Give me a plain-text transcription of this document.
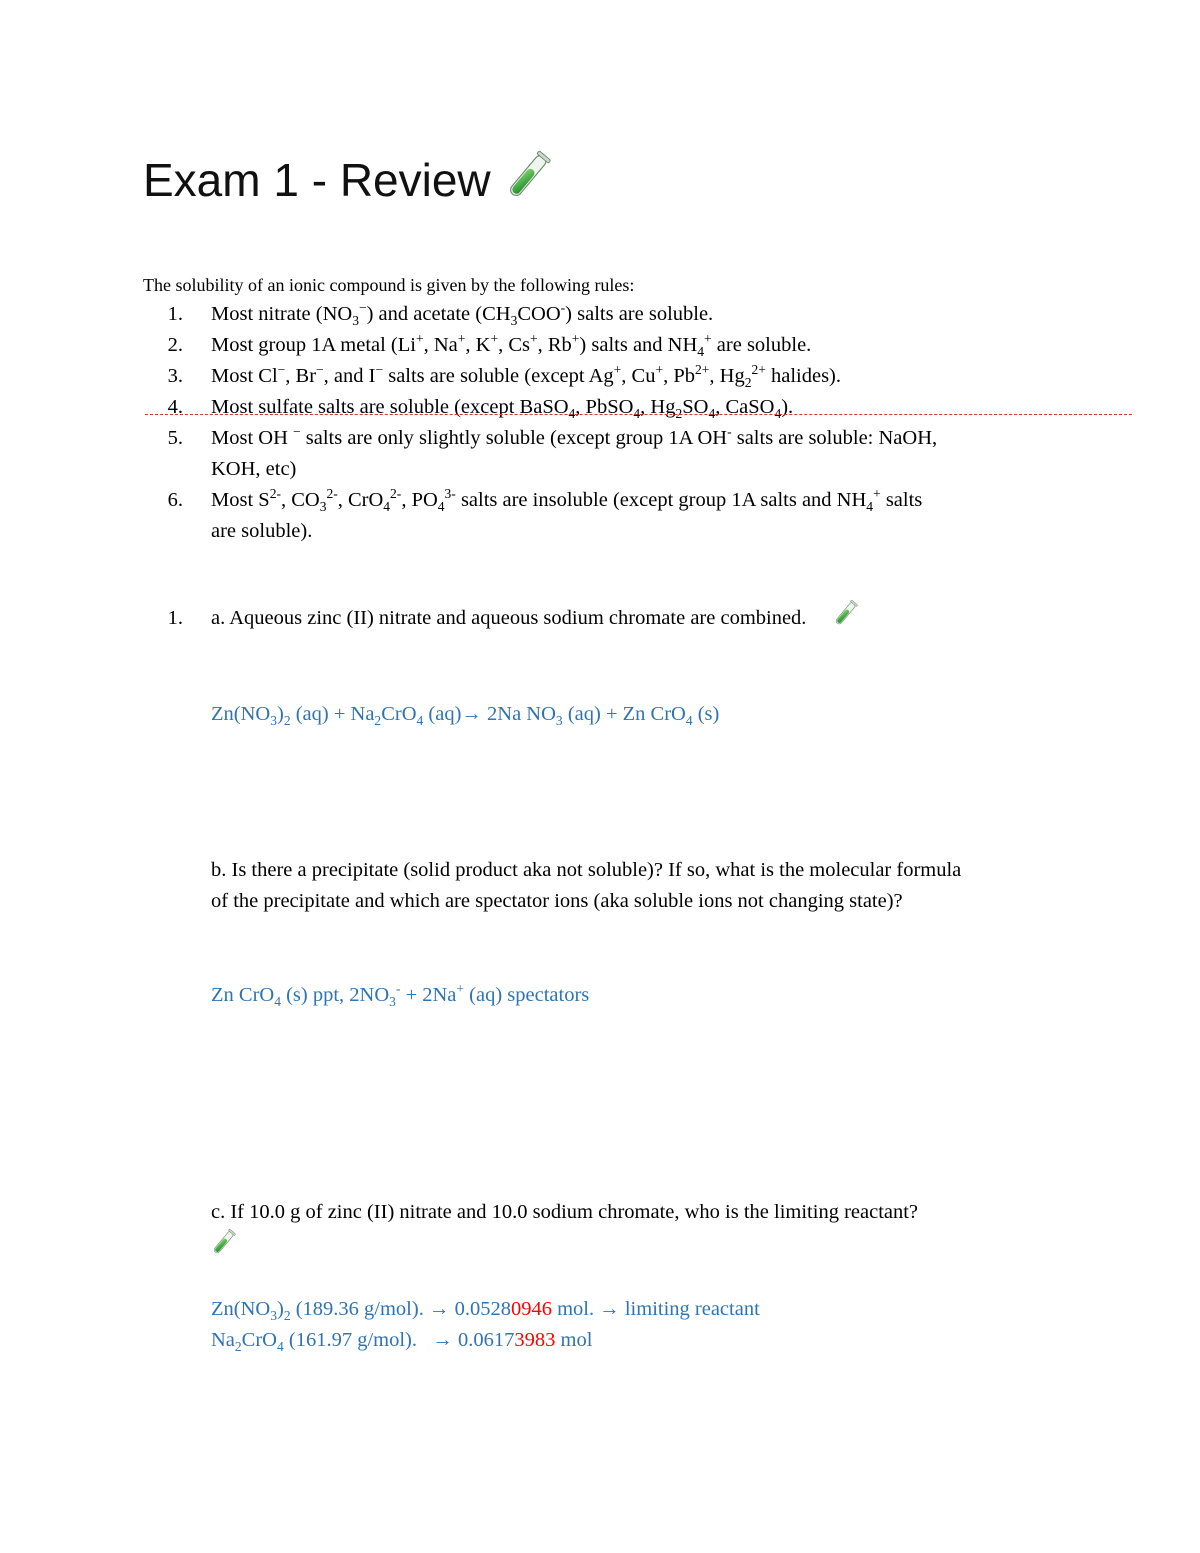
Exam 1 - Review
The solubility of an ionic compound is given by the following rules:
1. Most nitrate $(NO_3^-)$ and acetate $(CH_3COO^-)$ salts are soluble.
2. Most group 1A metal (Li+, Na+, K+, Cs+, Rb+) salts and $NH_4^+$ are soluble.
3. Most Cl−, Br−, and I− salts are soluble (except Ag+, Cu+, $Pb^{2+}$, $Hg_2^{2+}$ halides).
4. Most sulfate salts are soluble (except BaSO$_4$, PbSO$_4$, $Hg_2SO_4$, CaSO$_4$).
5. Most OH − salts are only slightly soluble (except group 1A OH- salts are soluble: NaOH,
KOH, etc)
6. Most $S^{2-}$, $CO_3^{2-}$, CrO$_4^{2-}$, $PO_4^{3-}$ salts are insoluble (except group 1A salts and $NH_4^+$ salts
are soluble).
1. a. Aqueous zinc (II) nitrate and aqueous sodium chromate are combined.
$Zn(NO_3)_2$ $(aq) + Na_2CrO_4$ (aq)→ 2Na $NO_3$ (aq) + Zn CrO$_4$ (s)
b. Is there a precipitate (solid product aka not soluble)? If so, what is the molecular formula
of the precipitate and which are spectator ions (aka soluble ions not changing state)?
Zn CrO$_4$ (s) ppt, $2NO_3^- + 2Na^+$ (aq) spectators
c. If 10.0 g of zinc (II) nitrate and 10.0 sodium chromate, who is the limiting reactant?
$Zn(NO_3)_2$ (189.36 g/mol). → 0.05280946 mol. → limiting reactant
$Na_2CrO_4$ (161.97 g/mol).   → 0.06173983 mol
